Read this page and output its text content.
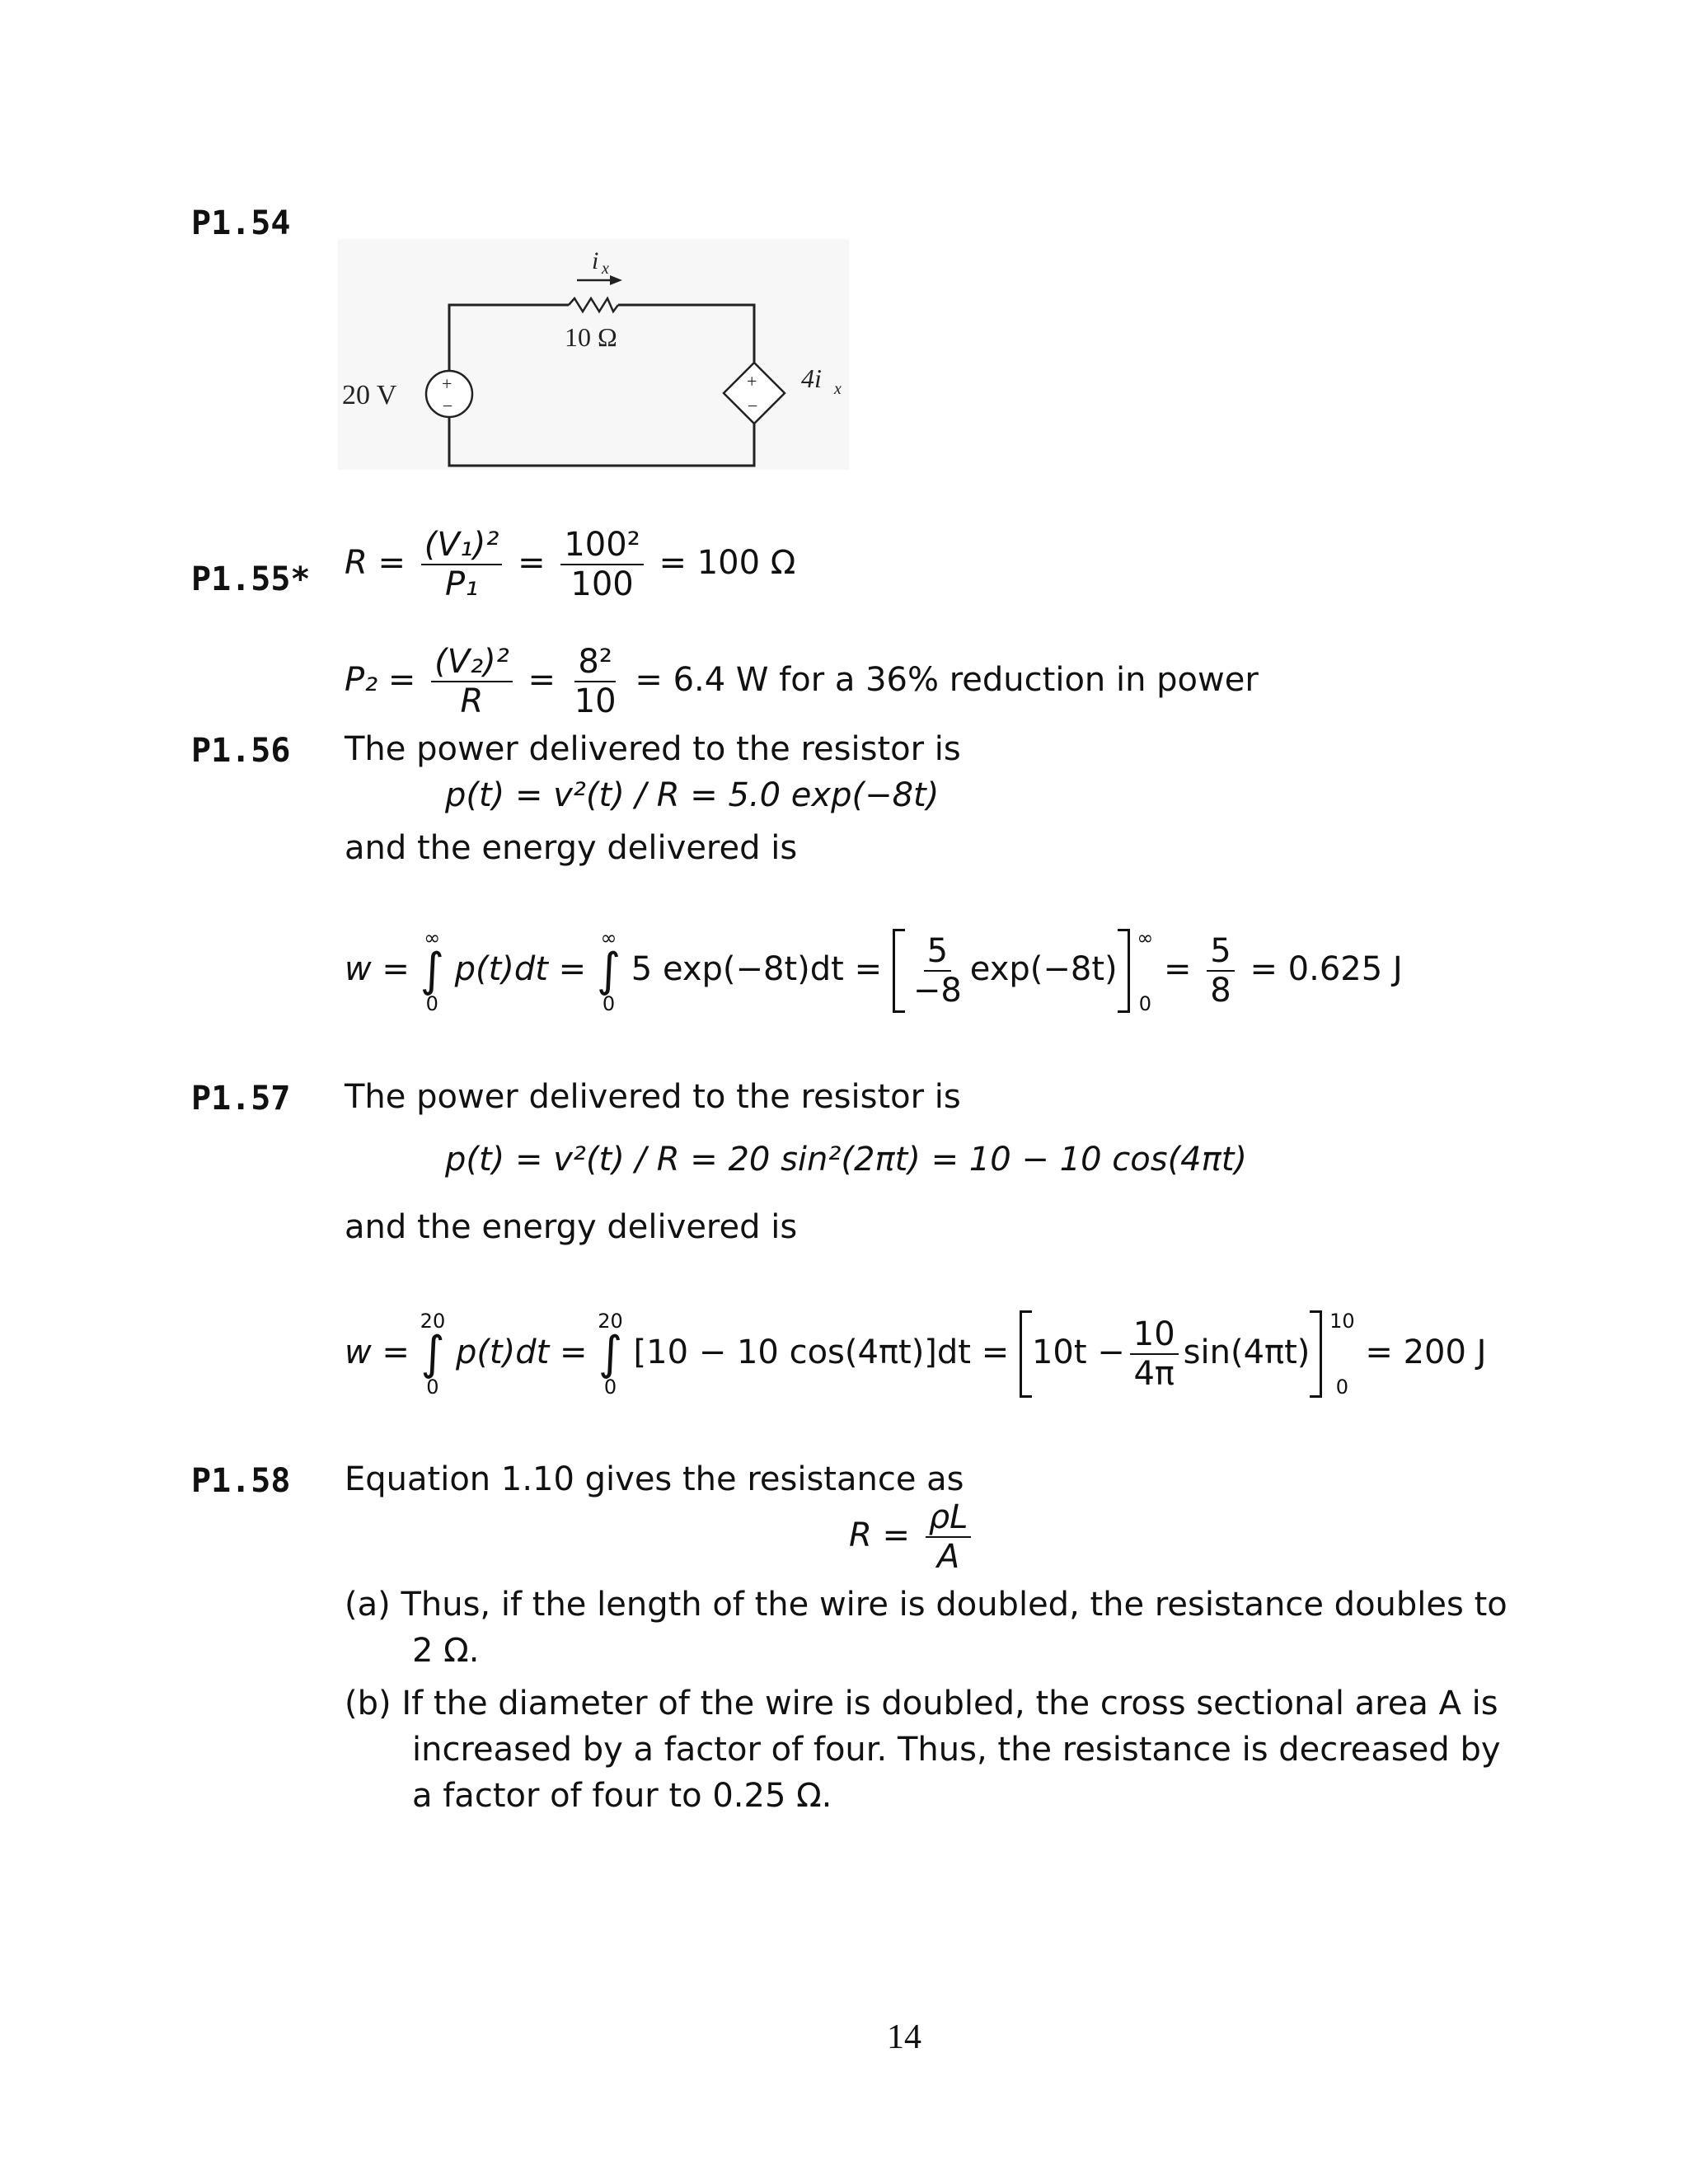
P1.54
i x
10 Ω
+
−
20 V	+
−
4i x
P1.55* $R = \frac{\text{(V₁)²}}{\text{P₁}} = \frac{\text{100²}}{100} = 100$ Ω
$P_2 = \frac{\text{(V₂)²}}{R} = \frac{\text{8²}}{10} = 6.4$ W for a 36% reduction in power
P1.56 The power delivered to the resistor is
p(t) = v²(t) / R = 5.0 exp(−8t)
and the energy delivered is
w =
∞
∫
0
p(t)dt =
∞
∫
0
5 $\exp(-8t)dt = \frac{5}{-8} \exp(-8t)$
∞
0
= $\frac{5}{8} = 0.625$ J
P1.57 The power delivered to the resistor is
p(t) = v²(t) / R = 20 sin²(2πt) = 10 − 10 cos(4πt)
and the energy delivered is
w =
20
∫
0
p(t)dt =
20
∫
0
[10 − 10 $\cos(4\pi t)]dt = 10t - \frac{10}{4\pi} \sin(4\pi t)$
10
0
= 200 J
P1.58 Equation 1.10 gives the resistance as
$R = \frac{\rho L}{A}$
(a) Thus, if the length of the wire is doubled, the resistance doubles to
2 Ω.
(b) If the diameter of the wire is doubled, the cross sectional area A is
increased by a factor of four. Thus, the resistance is decreased by
a factor of four to 0.25 Ω.
14
